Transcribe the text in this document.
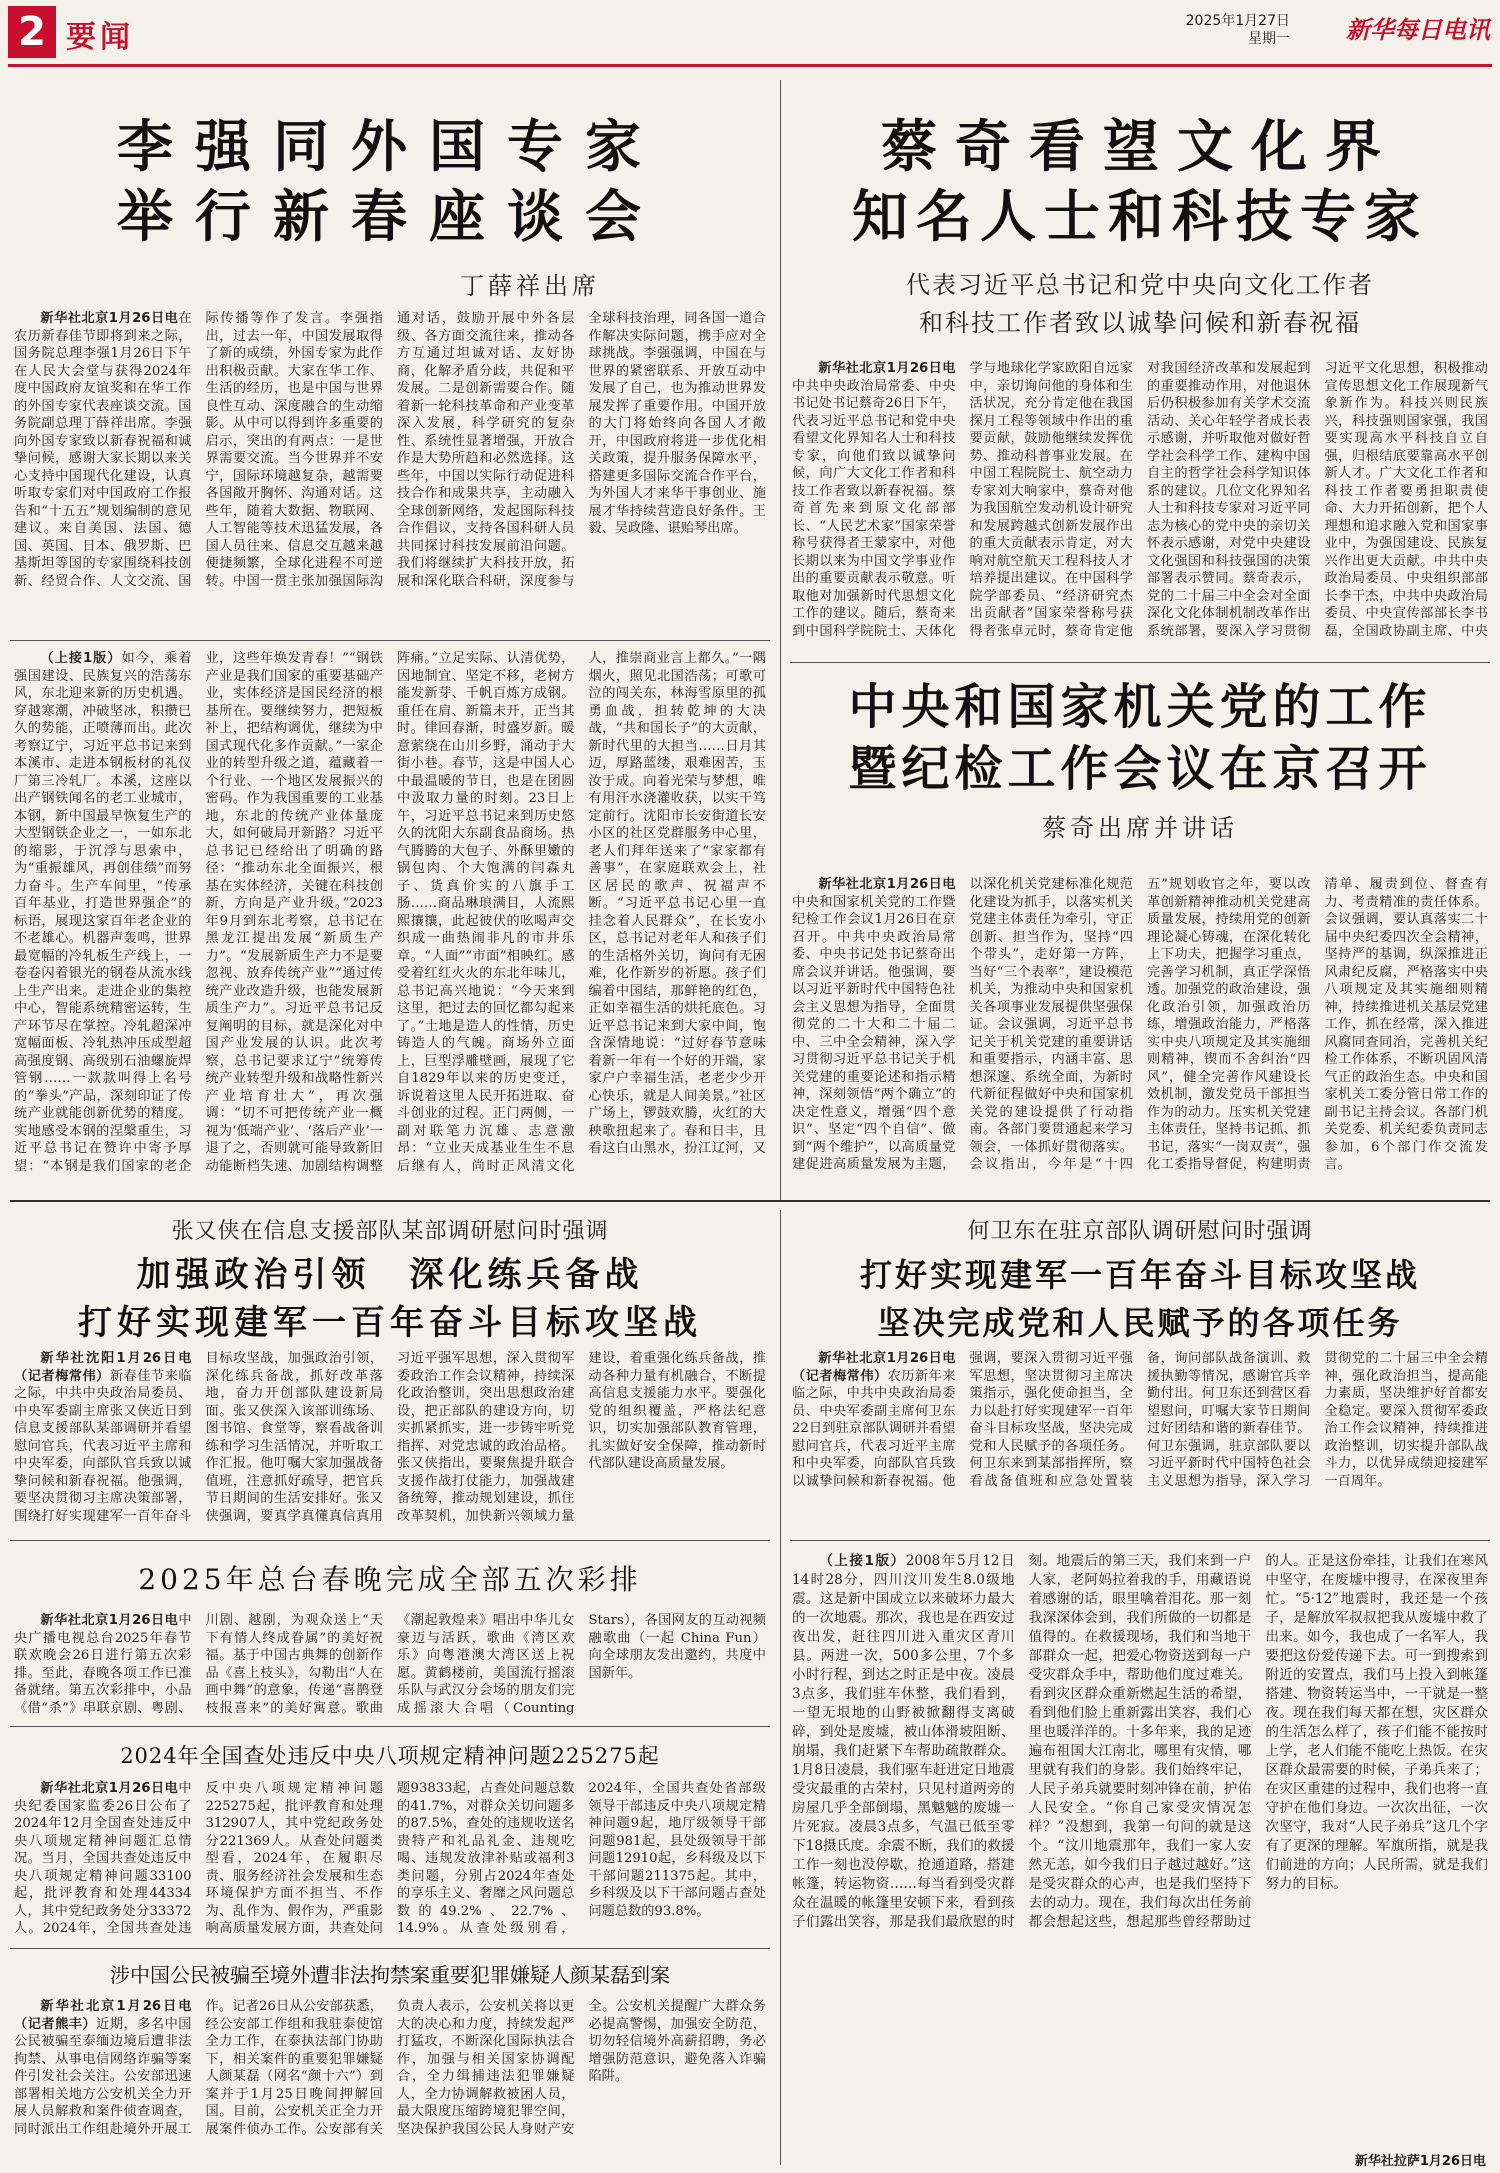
2 要闻	2025年1月27日
星期一 新华每日电讯
李强同外国专家
举行新春座谈会
丁薛祥出席

新华社北京1月26日电在农历新春佳节即将到来之际，国务院总理李强1月26日下午在人民大会堂与获得2024年度中国政府友谊奖和在华工作的外国专家代表座谈交流。国务院副总理丁薛祥出席。李强向外国专家致以新春祝福和诚挚问候，感谢大家长期以来关心支持中国现代化建设，认真听取专家们对中国政府工作报告和“十五五”规划编制的意见建议。来自美国、法国、德国、英国、日本、俄罗斯、巴基斯坦等国的专家围绕科技创新、经贸合作、人文交流、国际传播等作了发言。李强指出，过去一年，中国发展取得了新的成绩，外国专家为此作出积极贡献。大家在华工作、生活的经历，也是中国与世界良性互动、深度融合的生动缩影。从中可以得到许多重要的启示，突出的有两点：一是世界需要交流。当今世界并不安宁，国际环境越复杂，越需要各国敞开胸怀、沟通对话。这些年，随着大数据、物联网、人工智能等技术迅猛发展，各国人员往来、信息交互越来越便捷频繁，全球化进程不可逆转。中国一贯主张加强国际沟通对话，鼓励开展中外各层级、各方面交流往来，推动各方互通过坦诚对话、友好协商，化解矛盾分歧，共促和平发展。二是创新需要合作。随着新一轮科技革命和产业变革深入发展，科学研究的复杂性、系统性显著增强，开放合作是大势所趋和必然选择。这些年，中国以实际行动促进科技合作和成果共享，主动融入全球创新网络，发起国际科技合作倡议，支持各国科研人员共同探讨科技发展前沿问题。我们将继续扩大科技开放，拓展和深化联合科研，深度参与全球科技治理，同各国一道合作解决实际问题，携手应对全球挑战。李强强调，中国在与世界的紧密联系、开放互动中发展了自己，也为推动世界发展发挥了重要作用。中国开放的大门将始终向各国人才敞开，中国政府将进一步优化相关政策，提升服务保障水平，搭建更多国际交流合作平台，为外国人才来华干事创业、施展才华持续营造良好条件。王毅、吴政隆、谌贻琴出席。

（上接1版）如今，乘着强国建设、民族复兴的浩荡东风，东北迎来新的历史机遇。穿越寒潮，冲破坚冰，积攒已久的势能，正喷薄而出。此次考察辽宁，习近平总书记来到本溪市、走进本钢板材的礼仪厂第三冷轧厂。本溪，这座以出产钢铁闻名的老工业城市，本钢，新中国最早恢复生产的大型钢铁企业之一，一如东北的缩影，于沉浮与思索中，为“重振雄风，再创佳绩”而努力奋斗。生产车间里，“传承百年基业，打造世界强企”的标语，展现这家百年老企业的不老雄心。机器声轰鸣，世界最宽幅的冷轧板生产线上，一卷卷闪着银光的钢卷从流水线上生产出来。走进企业的集控中心，智能系统精密运转，生产环节尽在掌控。冷轧超深冲宽幅面板、冷轧热冲压成型超高强度钢、高级别石油螺旋焊管钢……一款款叫得上名号的“拳头”产品，深刻印证了传统产业就能创新优势的精度。实地感受本钢的涅槃重生，习近平总书记在赞许中寄予厚望：“本钢是我们国家的老企业，这些年焕发青春！”“钢铁产业是我们国家的重要基础产业，实体经济是国民经济的根基所在。要继续努力，把短板补上，把结构调优，继续为中国式现代化多作贡献。”一家企业的转型升级之道，蕴藏着一个行业、一个地区发展振兴的密码。作为我国重要的工业基地，东北的传统产业体量庞大，如何破局开新路？习近平总书记已经给出了明确的路径：“推动东北全面振兴，根基在实体经济，关键在科技创新，方向是产业升级。”2023年9月到东北考察，总书记在黑龙江提出发展“新质生产力”。“发展新质生产力不是要忽视、放弃传统产业”“通过传统产业改造升级，也能发展新质生产力”。习近平总书记反复阐明的目标，就是深化对中国产业发展的认识。此次考察，总书记要求辽宁“统筹传统产业转型升级和战略性新兴产业培育壮大”，再次强调：“切不可把传统产业一概视为‘低端产业’、‘落后产业’一退了之，否则就可能导致新旧动能断档失速、加剧结构调整阵痛。”立足实际、认清优势，因地制宜、坚定不移，老树方能发新芽、千帆百炼方成钢。重任在肩、新篇未开，正当其时。律回春渐，时盛岁新。暖意萦绕在山川乡野，涌动于大街小巷。春节，这是中国人心中最温暖的节日，也是在团圆中汲取力量的时刻。23日上午，习近平总书记来到历史悠久的沈阳大东副食品商场。热气腾腾的大包子、外酥里嫩的锅包肉、个大饱满的闫森丸子、货真价实的八旗手工肠……商品琳琅满目，人流熙熙攘攘，此起彼伏的吆喝声交织成一曲热闹非凡的市井乐章。“人面”“市面”相映红。感受着红红火火的东北年味儿，总书记高兴地说：“今天来到这里，把过去的回忆都勾起来了。”土地是造人的性情，历史铸造人的气魄。商场外立面上，巨型浮雕壁画，展现了它自1829年以来的历史变迁，诉说着这里人民开拓进取、奋斗创业的过程。正门两侧，一副对联笔力沉雄、志意激昂：“立业天成基业生生不息后继有人，尚时正风清文化人，推崇商业言上都久。”一隅烟火，照见北国浩荡；可歌可泣的闯关东，林海雪原里的孤勇血战，担转乾坤的大决战，“共和国长子”的大贡献，新时代里的大担当……日月其迈，厚路蓝缕，艰难困苦，玉汝于成。向着光荣与梦想，唯有用汗水浇灌收获，以实干笃定前行。沈阳市长安街道长安小区的社区党群服务中心里，老人们拜年送来了“家家都有善事”，在家庭联欢会上，社区居民的歌声、祝福声不断。“习近平总书记心里一直挂念着人民群众”，在长安小区，总书记对老年人和孩子们的生活格外关切，询问有无困难，化作新岁的祈愿。孩子们编着中国结，那鲜艳的红色，正如幸福生活的烘托底色。习近平总书记来到大家中间，饱含深情地说：“过好春节意味着新一年有一个好的开端，家家户户幸福生活，老老少少开心快乐，就是人间美景。”社区广场上，锣鼓欢腾，火红的大秧歌扭起来了。春和日丰，且看这白山黑水，扮江辽河，又

蔡奇看望文化界
知名人士和科技专家
代表习近平总书记和党中央向文化工作者
和科技工作者致以诚挚问候和新春祝福

新华社北京1月26日电中共中央政治局常委、中央书记处书记蔡奇26日下午，代表习近平总书记和党中央看望文化界知名人士和科技专家，向他们致以诚挚问候，向广大文化工作者和科技工作者致以新春祝福。蔡奇首先来到原文化部部长、“人民艺术家”国家荣誉称号获得者王蒙家中，对他长期以来为中国文学事业作出的重要贡献表示敬意。听取他对加强新时代思想文化工作的建议。随后，蔡奇来到中国科学院院士、天体化学与地球化学家欧阳自远家中，亲切询问他的身体和生活状况，充分肯定他在我国探月工程等领域中作出的重要贡献，鼓励他继续发挥优势、推动科普事业发展。在中国工程院院士、航空动力专家刘大响家中，蔡奇对他为我国航空发动机设计研究和发展跨越式创新发展作出的重大贡献表示肯定，对大响对航空航天工程科技人才培养提出建议。在中国科学院学部委员、“经济研究杰出贡献者”国家荣誉称号获得者张卓元时，蔡奇肯定他对我国经济改革和发展起到的重要推动作用，对他退休后仍积极参加有关学术交流活动、关心年轻学者成长表示感谢，并听取他对做好哲学社会科学工作、建构中国自主的哲学社会科学知识体系的建议。几位文化界知名人士和科技专家对习近平同志为核心的党中央的亲切关怀表示感谢，对党中央建设文化强国和科技强国的决策部署表示赞同。蔡奇表示，党的二十届三中全会对全面深化文化体制机制改革作出系统部署，要深入学习贯彻习近平文化思想，积极推动宣传思想文化工作展现新气象新作为。科技兴则民族兴，科技强则国家强，我国要实现高水平科技自立自强，归根结底要靠高水平创新人才。广大文化工作者和科技工作者要勇担职责使命、大力开拓创新，把个人理想和追求融入党和国家事业中，为强国建设、民族复兴作出更大贡献。中共中央政治局委员、中央组织部部长李干杰，中共中央政治局委员、中央宣传部部长李书磊，全国政协副主席、中央

中央和国家机关党的工作
暨纪检工作会议在京召开
蔡奇出席并讲话

新华社北京1月26日电中央和国家机关党的工作暨纪检工作会议1月26日在京召开。中共中央政治局常委、中央书记处书记蔡奇出席会议并讲话。他强调，要以习近平新时代中国特色社会主义思想为指导，全面贯彻党的二十大和二十届二中、三中全会精神，深入学习贯彻习近平总书记关于机关党建的重要论述和指示精神，深刻领悟“两个确立”的决定性意义，增强“四个意识”、坚定“四个自信”、做到“两个维护”，以高质量党建促进高质量发展为主题，以深化机关党建标准化规范化建设为抓手，以落实机关党建主体责任为牵引，守正创新、担当作为，坚持“四个带头”，走好第一方阵，当好“三个表率”，建设模范机关，为推动中央和国家机关各项事业发展提供坚强保证。会议强调，习近平总书记关于机关党建的重要讲话和重要指示，内涵丰富、思想深邃、系统全面，为新时代新征程做好中央和国家机关党的建设提供了行动指南。各部门要贯通起来学习领会，一体抓好贯彻落实。会议指出，今年是“十四五”规划收官之年，要以改革创新精神推动机关党建高质量发展，持续用党的创新理论凝心铸魂，在深化转化上下功夫，把握学习重点，完善学习机制，真正学深悟透。加强党的政治建设，强化政治引领，加强政治历练，增强政治能力，严格落实中央八项规定及其实施细则精神，锲而不舍纠治“四风”，健全完善作风建设长效机制，激发党员干部担当作为的动力。压实机关党建主体责任，坚持书记抓、抓书记，落实“一岗双责”，强化工委指导督促，构建明责清单、履责到位、督查有力、考责精准的责任体系。会议强调，要认真落实二十届中央纪委四次全会精神，坚持严的基调，纵深推进正风肃纪反腐，严格落实中央八项规定及其实施细则精神，持续推进机关基层党建工作，抓在经常，深入推进风腐同查同治，完善机关纪检工作体系，不断巩固风清气正的政治生态。中央和国家机关工委分管日常工作的副书记主持会议。各部门机关党委、机关纪委负责同志参加，6个部门作交流发言。

张又侠在信息支援部队某部调研慰问时强调
加强政治引领　深化练兵备战
打好实现建军一百年奋斗目标攻坚战

新华社沈阳1月26日电（记者梅常伟）新春佳节来临之际，中共中央政治局委员、中央军委副主席张又侠近日到信息支援部队某部调研并看望慰问官兵，代表习近平主席和中央军委，向部队官兵致以诚挚问候和新春祝福。他强调，要坚决贯彻习主席决策部署，围绕打好实现建军一百年奋斗目标攻坚战，加强政治引领，深化练兵备战，抓好改革落地，奋力开创部队建设新局面。张又侠深入该部训练场、图书馆、食堂等，察看战备训练和学习生活情况，并听取工作汇报。他叮嘱大家加强战备值班，注意抓好疏导，把官兵节日期间的生活安排好。张又侠强调，要真学真懂真信真用习近平强军思想，深入贯彻军委政治工作会议精神，持续深化政治整训，突出思想政治建设，把正部队的建设方向，切实抓紧抓实，进一步铸牢听党指挥、对党忠诚的政治品格。张又侠指出，要聚焦提升联合支援作战打仗能力，加强战建备统筹，推动规划建设，抓住改革契机，加快新兴领域力量建设，着重强化练兵备战，推动各种力量有机融合，不断提高信息支援能力水平。要强化党的组织覆盖，严格法纪意识，切实加强部队教育管理，扎实做好安全保障，推动新时代部队建设高质量发展。

何卫东在驻京部队调研慰问时强调
打好实现建军一百年奋斗目标攻坚战
坚决完成党和人民赋予的各项任务

新华社北京1月26日电（记者梅常伟）农历新年来临之际，中共中央政治局委员、中央军委副主席何卫东22日到驻京部队调研并看望慰问官兵，代表习近平主席和中央军委，向部队官兵致以诚挚问候和新春祝福。他强调，要深入贯彻习近平强军思想，坚决贯彻习主席决策指示，强化使命担当，全力以赴打好实现建军一百年奋斗目标攻坚战，坚决完成党和人民赋予的各项任务。何卫东来到某部指挥所，察看战备值班和应急处置装备，询问部队战备演训、救援执勤等情况，感谢官兵辛勤付出。何卫东还到营区看望慰问，叮嘱大家节日期间过好团结和谐的新春佳节。何卫东强调，驻京部队要以习近平新时代中国特色社会主义思想为指导，深入学习贯彻党的二十届三中全会精神，强化政治担当，提高能力素质，坚决维护好首都安全稳定。要深入贯彻军委政治工作会议精神，持续推进政治整训，切实提升部队战斗力，以优异成绩迎接建军一百周年。

2025年总台春晚完成全部五次彩排

新华社北京1月26日电中央广播电视总台2025年春节联欢晚会26日进行第五次彩排。至此，春晚各项工作已准备就绪。第五次彩排中，小品《借“杀”》串联京剧、粤剧、川剧、越剧，为观众送上“天下有情人终成眷属”的美好祝福。基于中国古典舞的创新作品《喜上枝头》，勾勒出“人在画中舞”的意象，传递“喜鹊登枝报喜来”的美好寓意。歌曲《潮起敦煌来》唱出中华儿女豪迈与活跃，歌曲《湾区欢乐》向粤港澳大湾区送上祝愿。黄鹤楼前，美国流行摇滚乐队与武汉分会场的朋友们完成摇滚大合唱（Counting Stars），各国网友的互动视频融歌曲（一起 China Fun）向全球朋友发出邀约，共度中国新年。

2024年全国查处违反中央八项规定精神问题225275起

新华社北京1月26日电中央纪委国家监委26日公布了2024年12月全国查处违反中央八项规定精神问题汇总情况。当月，全国共查处违反中央八项规定精神问题33100起，批评教育和处理44334人，其中党纪政务处分33372人。2024年，全国共查处违反中央八项规定精神问题225275起，批评教育和处理312907人，其中党纪政务处分221369人。从查处问题类型看，2024年，在履职尽责、服务经济社会发展和生态环境保护方面不担当、不作为、乱作为、假作为，严重影响高质量发展方面，共查处问题93833起，占查处问题总数的41.7%，对群众关切问题多的87.5%，查处的违规收送名贵特产和礼品礼金、违规吃喝、违规发放津补贴或福利3类问题，分别占2024年查处的享乐主义、奢靡之风问题总数的49.2%、22.7%、14.9%。从查处级别看，2024年，全国共查处省部级领导干部违反中央八项规定精神问题9起，地厅级领导干部问题981起，县处级领导干部问题12910起，乡科级及以下干部问题211375起。其中，乡科级及以下干部问题占查处问题总数的93.8%。

涉中国公民被骗至境外遭非法拘禁案重要犯罪嫌疑人颜某磊到案

新华社北京1月26日电（记者熊丰）近期，多名中国公民被骗至泰缅边境后遭非法拘禁、从事电信网络诈骗等案件引发社会关注。公安部迅速部署相关地方公安机关全力开展人员解救和案件侦查调查，同时派出工作组赴境外开展工作。记者26日从公安部获悉，经公安部工作组和我驻泰使馆全力工作，在泰执法部门协助下，相关案件的重要犯罪嫌疑人颜某磊（网名“颜十六”）到案并于1月25日晚间押解回国。目前，公安机关正全力开展案件侦办工作。公安部有关负责人表示，公安机关将以更大的决心和力度，持续发起严打猛攻，不断深化国际执法合作，加强与相关国家协调配合，全力缉捕违法犯罪嫌疑人，全力协调解救被困人员，最大限度压缩跨境犯罪空间，坚决保护我国公民人身财产安全。公安机关提醒广大群众务必提高警惕，加强安全防范，切勿轻信境外高薪招聘，务必增强防范意识，避免落入诈骗陷阱。

（上接1版）2008年5月12日14时28分，四川汶川发生8.0级地震。这是新中国成立以来破坏力最大的一次地震。那次，我也是在西安过夜出发，赶往四川进入重灾区青川县。两进一次，500多公里，7个多小时行程，到达之时正是中夜。凌晨3点多，我们驻车休整，我们看到，一望无垠地的山野被掀翻得支离破碎，到处是废墟，被山体滑坡阻断、崩塌，我们赶紧下车帮助疏散群众。1月8日凌晨，我们驱车赶进定日地震受灾最重的古荣村，只见村道两旁的房屋几乎全部倒塌，黑魆魆的废墟一片死寂。凌晨3点多，气温已低至零下18摄氏度。余震不断，我们的救援工作一刻也没停歇，抢通道路，搭建帐篷，转运物资……每当看到受灾群众在温暖的帐篷里安顿下来，看到孩子们露出笑容，那是我们最欣慰的时刻。地震后的第三天，我们来到一户人家，老阿妈拉着我的手，用藏语说着感谢的话，眼里噙着泪花。那一刻我深深体会到，我们所做的一切都是值得的。在救援现场，我们和当地干部群众一起，把爱心物资送到每一户受灾群众手中，帮助他们度过难关。看到灾区群众重新燃起生活的希望，看到他们脸上重新露出笑容，我们心里也暖洋洋的。十多年来，我的足迹遍布祖国大江南北，哪里有灾情，哪里就有我们的身影。我们始终牢记，人民子弟兵就要时刻冲锋在前，护佑人民安全。“你自己家受灾情况怎样？”没想到，我第一句问的就是这个。“汶川地震那年，我们一家人安然无恙，如今我们日子越过越好。”这是受灾群众的心声，也是我们坚持下去的动力。现在，我们每次出任务前都会想起这些，想起那些曾经帮助过的人。正是这份牵挂，让我们在寒风中坚守，在废墟中搜寻，在深夜里奔忙。“5·12”地震时，我还是一个孩子，是解放军叔叔把我从废墟中救了出来。如今，我也成了一名军人，我要把这份爱传递下去。可一到搜索到附近的安置点，我们马上投入到帐篷搭建、物资转运当中，一干就是一整夜。现在我们每天都在想，灾区群众的生活怎么样了，孩子们能不能按时上学，老人们能不能吃上热饭。在灾区群众最需要的时候，子弟兵来了；在灾区重建的过程中，我们也将一直守护在他们身边。一次次出征，一次次坚守，我对“人民子弟兵”这几个字有了更深的理解。军旗所指，就是我们前进的方向；人民所需，就是我们努力的目标。

新华社拉萨1月26日电
